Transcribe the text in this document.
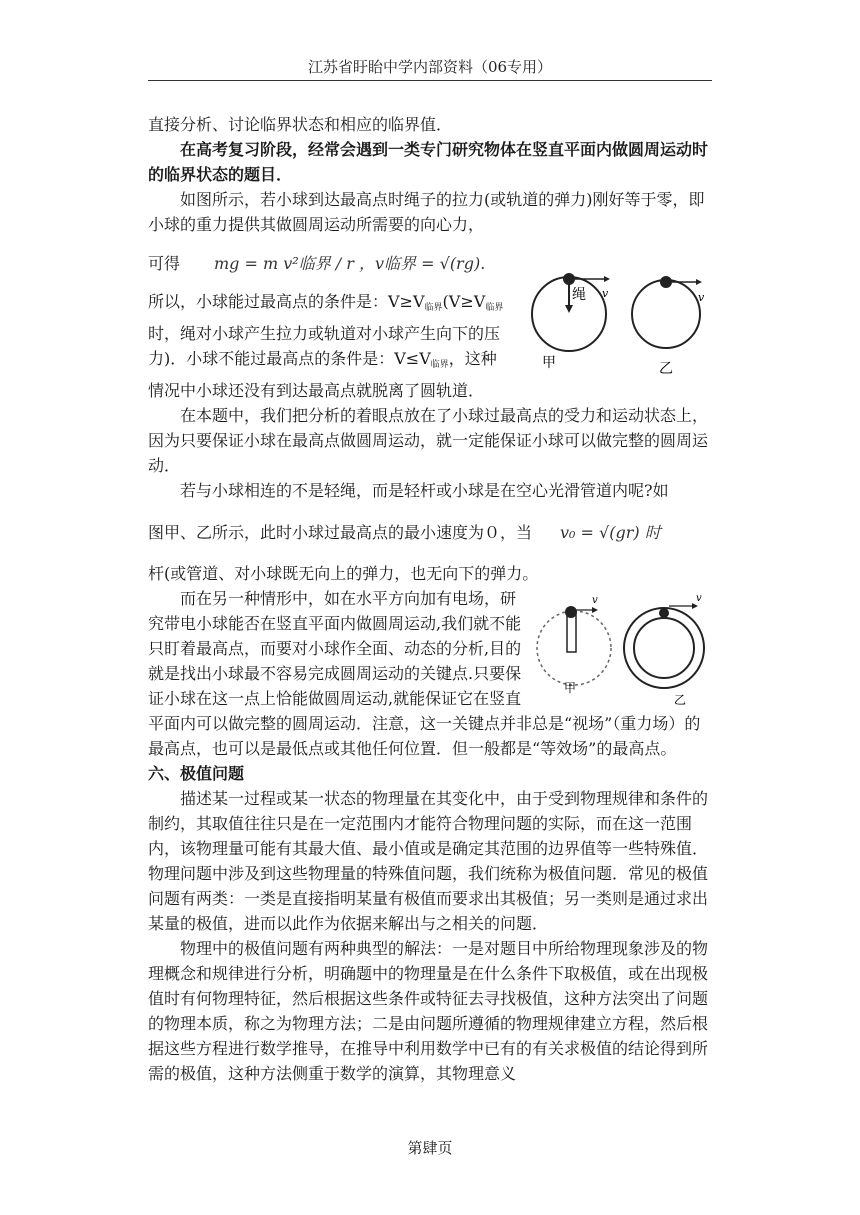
江苏省盱眙中学内部资料（06专用）

直接分析、讨论临界状态和相应的临界值．

在高考复习阶段，经常会遇到一类专门研究物体在竖直平面内做圆周运动时的临界状态的题目．

如图所示，若小球到达最高点时绳子的拉力(或轨道的弹力)刚好等于零，即小球的重力提供其做圆周运动所需要的向心力，

可得	mg = m v²临界 / r ，v临界 = √(rg).
绳 v	v
甲	乙

所以，小球能过最高点的条件是：$V\ge V_{临界}(V\ge V_{临界}$时，绳对小球产生拉力或轨道对小球产生向下的压力)．小球不能过最高点的条件是：$V\le V_{临界}$，这种情况中小球还没有到达最高点就脱离了圆轨道．

在本题中，我们把分析的着眼点放在了小球过最高点的受力和运动状态上，因为只要保证小球在最高点做圆周运动，就一定能保证小球可以做完整的圆周运动．

若与小球相连的不是轻绳，而是轻杆或小球是在空心光滑管道内呢?如

图甲、乙所示，此时小球过最高点的最小速度为０，当 v₀ = √(gr) 时

杆(或管道、对小球既无向上的弹力，也无向下的弹力。

v	v
甲
乙

而在另一种情形中，如在水平方向加有电场，研究带电小球能否在竖直平面内做圆周运动,我们就不能 只盯着最高点，而要对小球作全面、动态的分析,目的就是找出小球最不容易完成圆周运动的关键点.只要保证小球在这一点上恰能做圆周运动,就能保证它在竖直平面内可以做完整的圆周运动．注意，这一关键点并非总是“视场”（重力场）的最高点，也可以是最低点或其他任何位置．但一般都是“等效场”的最高点。

六、极值问题

描述某一过程或某一状态的物理量在其变化中，由于受到物理规律和条件的制约，其取值往往只是在一定范围内才能符合物理问题的实际，而在这一范围内，该物理量可能有其最大值、最小值或是确定其范围的边界值等一些特殊值．物理问题中涉及到这些物理量的特殊值问题，我们统称为极值问题．常见的极值问题有两类：一类是直接指明某量有极值而要求出其极值；另一类则是通过求出某量的极值，进而以此作为依据来解出与之相关的问题．

物理中的极值问题有两种典型的解法：一是对题目中所给物理现象涉及的物理概念和规律进行分析，明确题中的物理量是在什么条件下取极值，或在出现极值时有何物理特征，然后根据这些条件或特征去寻找极值，这种方法突出了问题的物理本质，称之为物理方法；二是由问题所遵循的物理规律建立方程，然后根据这些方程进行数学推导，在推导中利用数学中已有的有关求极值的结论得到所需的极值，这种方法侧重于数学的演算，其物理意义

第肆页
